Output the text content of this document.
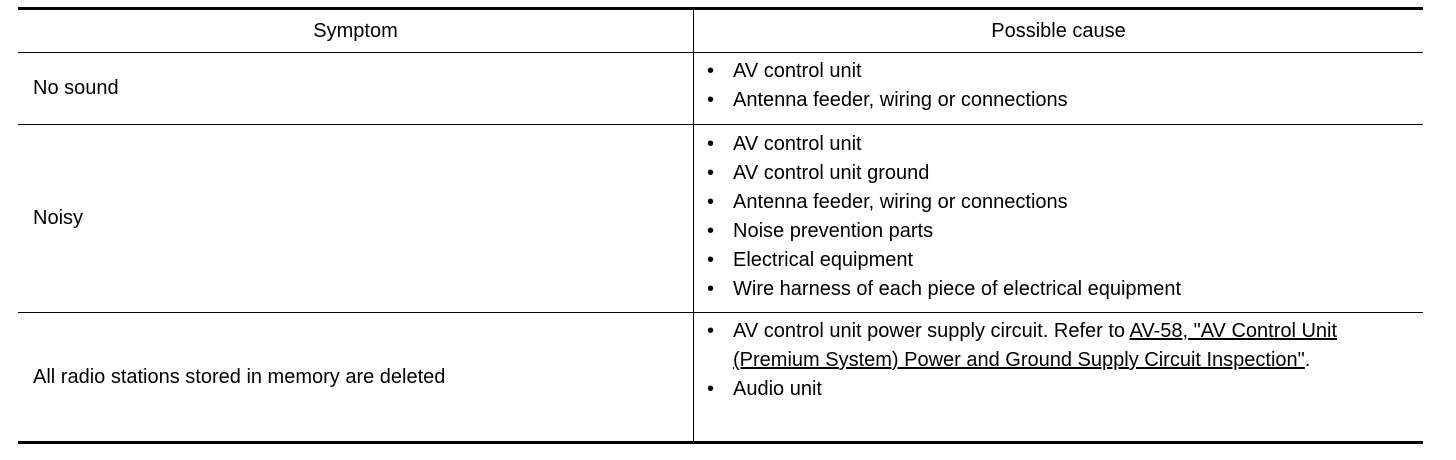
Symptom	Possible cause
No sound
• AV control unit
• Antenna feeder, wiring or connections
Noisy
• AV control unit
• AV control unit ground
• Antenna feeder, wiring or connections
• Noise prevention parts
• Electrical equipment
• Wire harness of each piece of electrical equipment
All radio stations stored in memory are deleted
• AV control unit power supply circuit. Refer to AV-58, "AV Control Unit (Premium System) Power and Ground Supply Circuit Inspection".
• Audio unit
